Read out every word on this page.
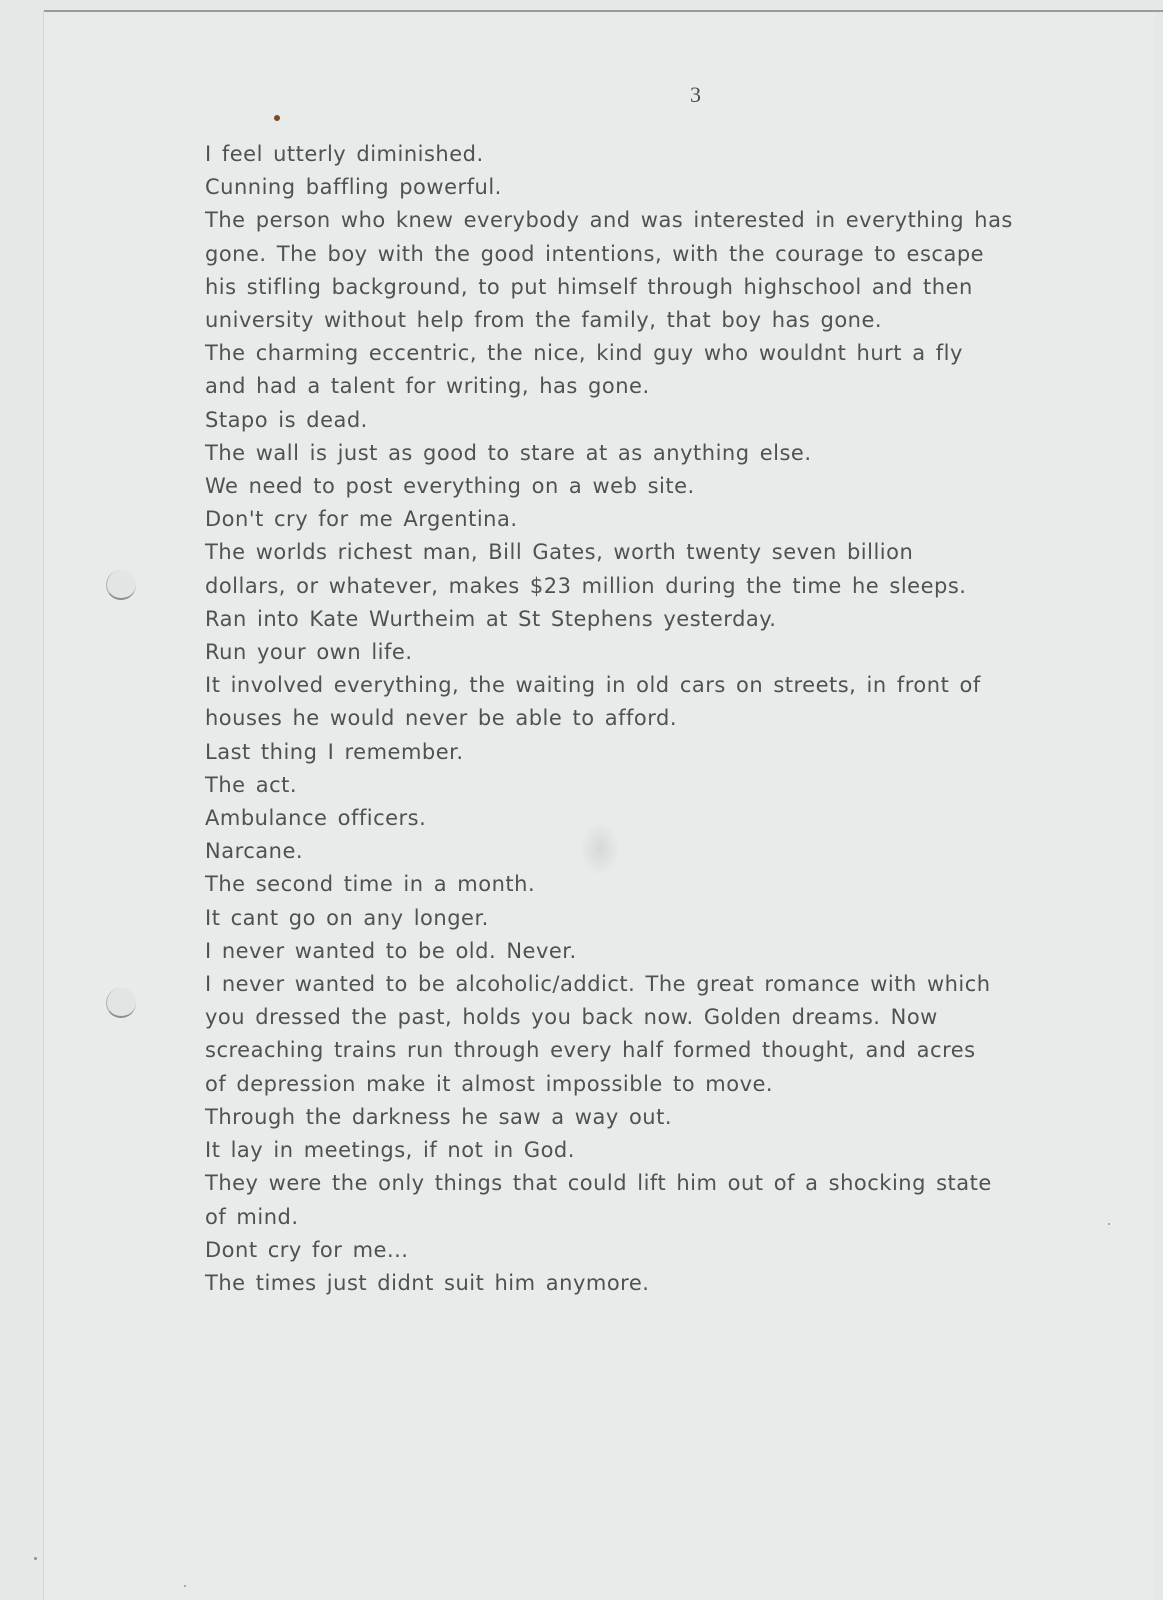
3
I feel utterly diminished.
Cunning baffling powerful.
The person who knew everybody and was interested in everything has
gone. The boy with the good intentions, with the courage to escape
his stifling background, to put himself through highschool and then
university without help from the family, that boy has gone.
The charming eccentric, the nice, kind guy who wouldnt hurt a fly
and had a talent for writing, has gone.
Stapo is dead.
The wall is just as good to stare at as anything else.
We need to post everything on a web site.
Don't cry for me Argentina.
The worlds richest man, Bill Gates, worth twenty seven billion
dollars, or whatever, makes $23 million during the time he sleeps.
Ran into Kate Wurtheim at St Stephens yesterday.
Run your own life.
It involved everything, the waiting in old cars on streets, in front of
houses he would never be able to afford.
Last thing I remember.
The act.
Ambulance officers.
Narcane.
The second time in a month.
It cant go on any longer.
I never wanted to be old. Never.
I never wanted to be alcoholic/addict. The great romance with which
you dressed the past, holds you back now. Golden dreams. Now
screaching trains run through every half formed thought, and acres
of depression make it almost impossible to move.
Through the darkness he saw a way out.
It lay in meetings, if not in God.
They were the only things that could lift him out of a shocking state
of mind.
Dont cry for me...
The times just didnt suit him anymore.
